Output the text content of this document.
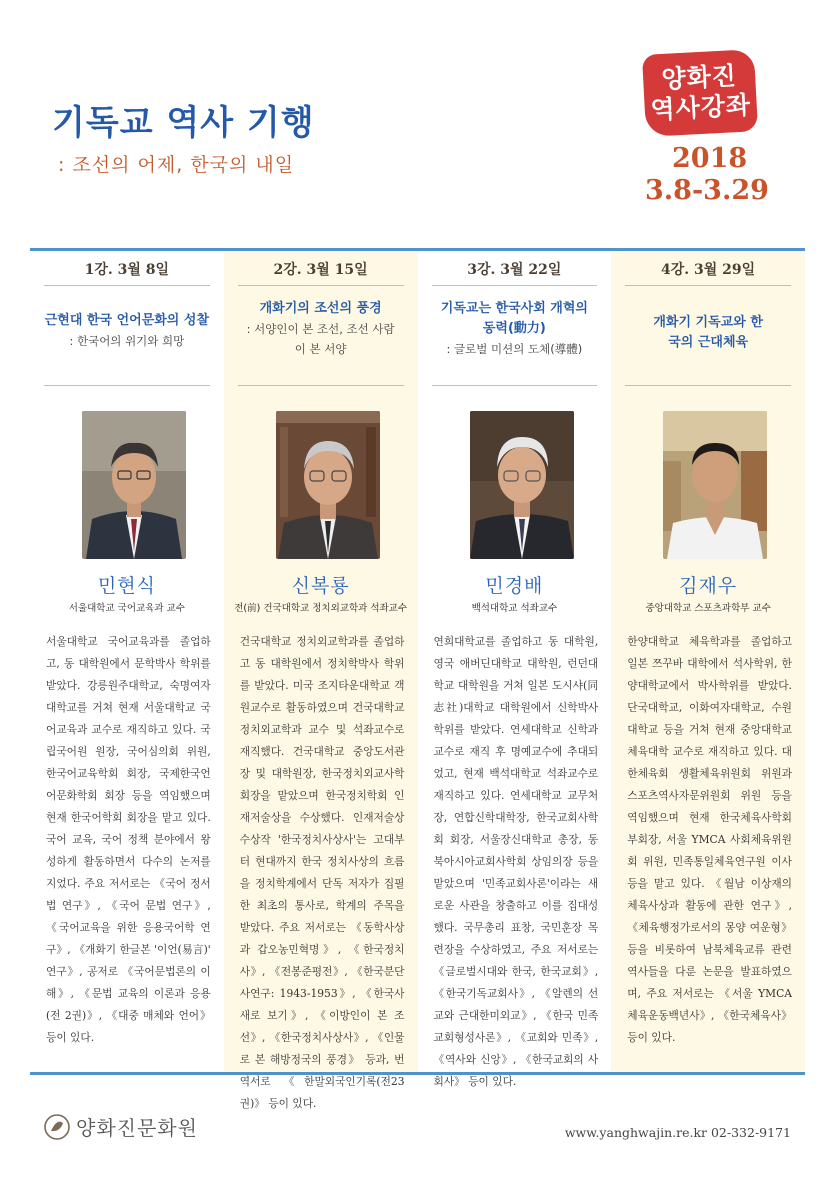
기독교 역사 기행
: 조선의 어제, 한국의 내일
양화진
역사강좌
2018
3.8-3.29
1강. 3월 8일
근현대 한국 언어문화의 성찰
: 한국어의 위기와 희망
민현식
서울대학교 국어교육과 교수
서울대학교 국어교육과를 졸업하고, 동 대학원에서 문학박사 학위를 받았다. 강릉원주대학교, 숙명여자대학교를 거쳐 현재 서울대학교 국어교육과 교수로 재직하고 있다. 국립국어원 원장, 국어심의회 위원, 한국어교육학회 회장, 국제한국언어문화학회 회장 등을 역임했으며 현재 한국어학회 회장을 맡고 있다. 국어 교육, 국어 정책 분야에서 왕성하게 활동하면서 다수의 논저를 지었다. 주요 저서로는 《국어 정서법 연구》, 《국어 문법 연구》, 《국어교육을 위한 응용국어학 연구》, 《개화기 한글본 '이언(易言)' 연구》, 공저로 《국어문법론의 이해》, 《문법 교육의 이론과 응용(전 2권)》, 《대중 매체와 언어》 등이 있다.
2강. 3월 15일
개화기의 조선의 풍경
: 서양인이 본 조선, 조선 사람이 본 서양
신복룡
전(前) 건국대학교 정치외교학과 석좌교수
건국대학교 정치외교학과를 졸업하고 동 대학원에서 정치학박사 학위를 받았다. 미국 조지타운대학교 객원교수로 활동하였으며 건국대학교 정치외교학과 교수 및 석좌교수로 재직했다. 건국대학교 중앙도서관장 및 대학원장, 한국정치외교사학회장을 맡았으며 한국정치학회 인재저술상을 수상했다. 인재저술상 수상작 '한국정치사상사'는 고대부터 현대까지 한국 정치사상의 흐름을 정치학계에서 단독 저자가 집필한 최초의 통사로, 학계의 주목을 받았다. 주요 저서로는 《동학사상과 갑오농민혁명》, 《한국정치사》, 《전봉준평전》, 《한국분단사연구: 1943-1953》, 《한국사 새로 보기》, 《이방인이 본 조선》, 《한국정치사상사》, 《인물로 본 해방정국의 풍경》 등과, 번역서로 《한말외국인기록(전23권)》 등이 있다.
3강. 3월 22일
기독교는 한국사회 개혁의 동력(動力)
: 글로벌 미션의 도체(導體)
민경배
백석대학교 석좌교수
연희대학교를 졸업하고 동 대학원, 영국 애버딘대학교 대학원, 런던대학교 대학원을 거쳐 일본 도시샤(同志社)대학교 대학원에서 신학박사 학위를 받았다. 연세대학교 신학과 교수로 재직 후 명예교수에 추대되었고, 현재 백석대학교 석좌교수로 재직하고 있다. 연세대학교 교무처장, 연합신학대학장, 한국교회사학회 회장, 서울장신대학교 총장, 동북아시아교회사학회 상임의장 등을 맡았으며 '민족교회사론'이라는 새로운 사관을 창출하고 이를 집대성했다. 국무총리 표창, 국민훈장 목련장을 수상하였고, 주요 저서로는 《글로벌시대와 한국, 한국교회》, 《한국기독교회사》, 《알렌의 선교와 근대한미외교》, 《한국 민족교회형성사론》, 《교회와 민족》, 《역사와 신앙》, 《한국교회의 사회사》 등이 있다.
4강. 3월 29일
개화기 기독교와 한국의 근대체육
김재우
중앙대학교 스포츠과학부 교수
한양대학교 체육학과를 졸업하고 일본 쯔꾸바 대학에서 석사학위, 한양대학교에서 박사학위를 받았다. 단국대학교, 이화여자대학교, 수원대학교 등을 거쳐 현재 중앙대학교 체육대학 교수로 재직하고 있다. 대한체육회 생활체육위원회 위원과 스포츠역사자문위원회 위원 등을 역임했으며 현재 한국체육사학회 부회장, 서울 YMCA 사회체육위원회 위원, 민족통일체육연구원 이사 등을 맡고 있다. 《월남 이상재의 체육사상과 활동에 관한 연구》, 《체육행정가로서의 몽양 여운형》 등을 비롯하여 남북체육교류 관련 역사들을 다룬 논문을 발표하였으며, 주요 저서로는 《서울 YMCA 체육운동백년사》, 《한국체육사》 등이 있다.
양화진문화원	www.yanghwajin.re.kr 02-332-9171
